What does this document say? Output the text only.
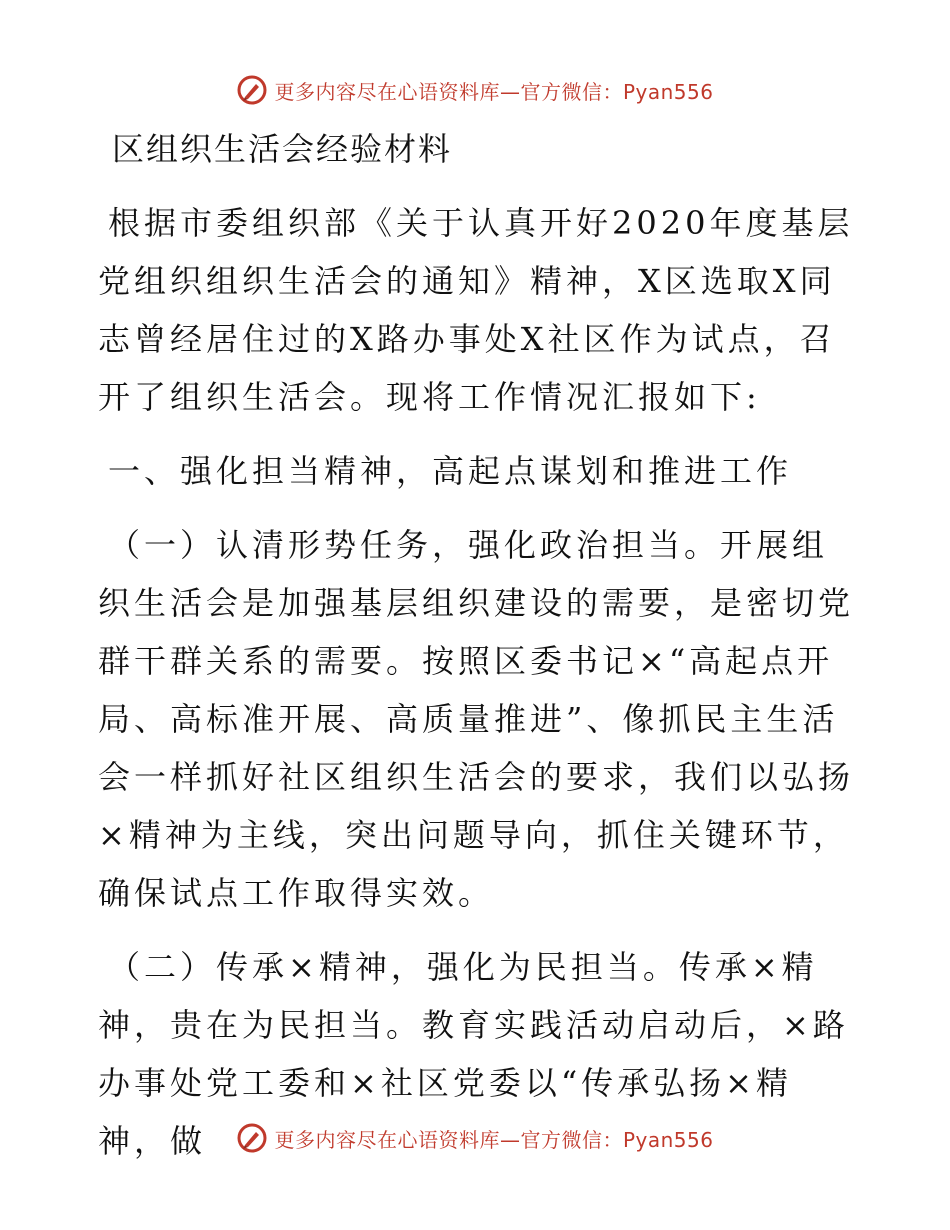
更多内容尽在心语资料库—官方微信：Pyan556
区组织生活会经验材料

根据市委组织部《关于认真开好2020年度基层党组织组织生活会的通知》精神，X区选取X同志曾经居住过的X路办事处X社区作为试点，召开了组织生活会。现将工作情况汇报如下:

一、强化担当精神，高起点谋划和推进工作

（一）认清形势任务，强化政治担当。开展组织生活会是加强基层组织建设的需要，是密切党群干群关系的需要。按照区委书记×“高起点开局、高标准开展、高质量推进”、像抓民主生活会一样抓好社区组织生活会的要求，我们以弘扬×精神为主线，突出问题导向，抓住关键环节，确保试点工作取得实效。

（二）传承×精神，强化为民担当。传承×精神，贵在为民担当。教育实践活动启动后，×路办事处党工委和×社区党委以“传承弘扬×精神，做	更多内容尽在心语资料库—官方微信：Pyan556
